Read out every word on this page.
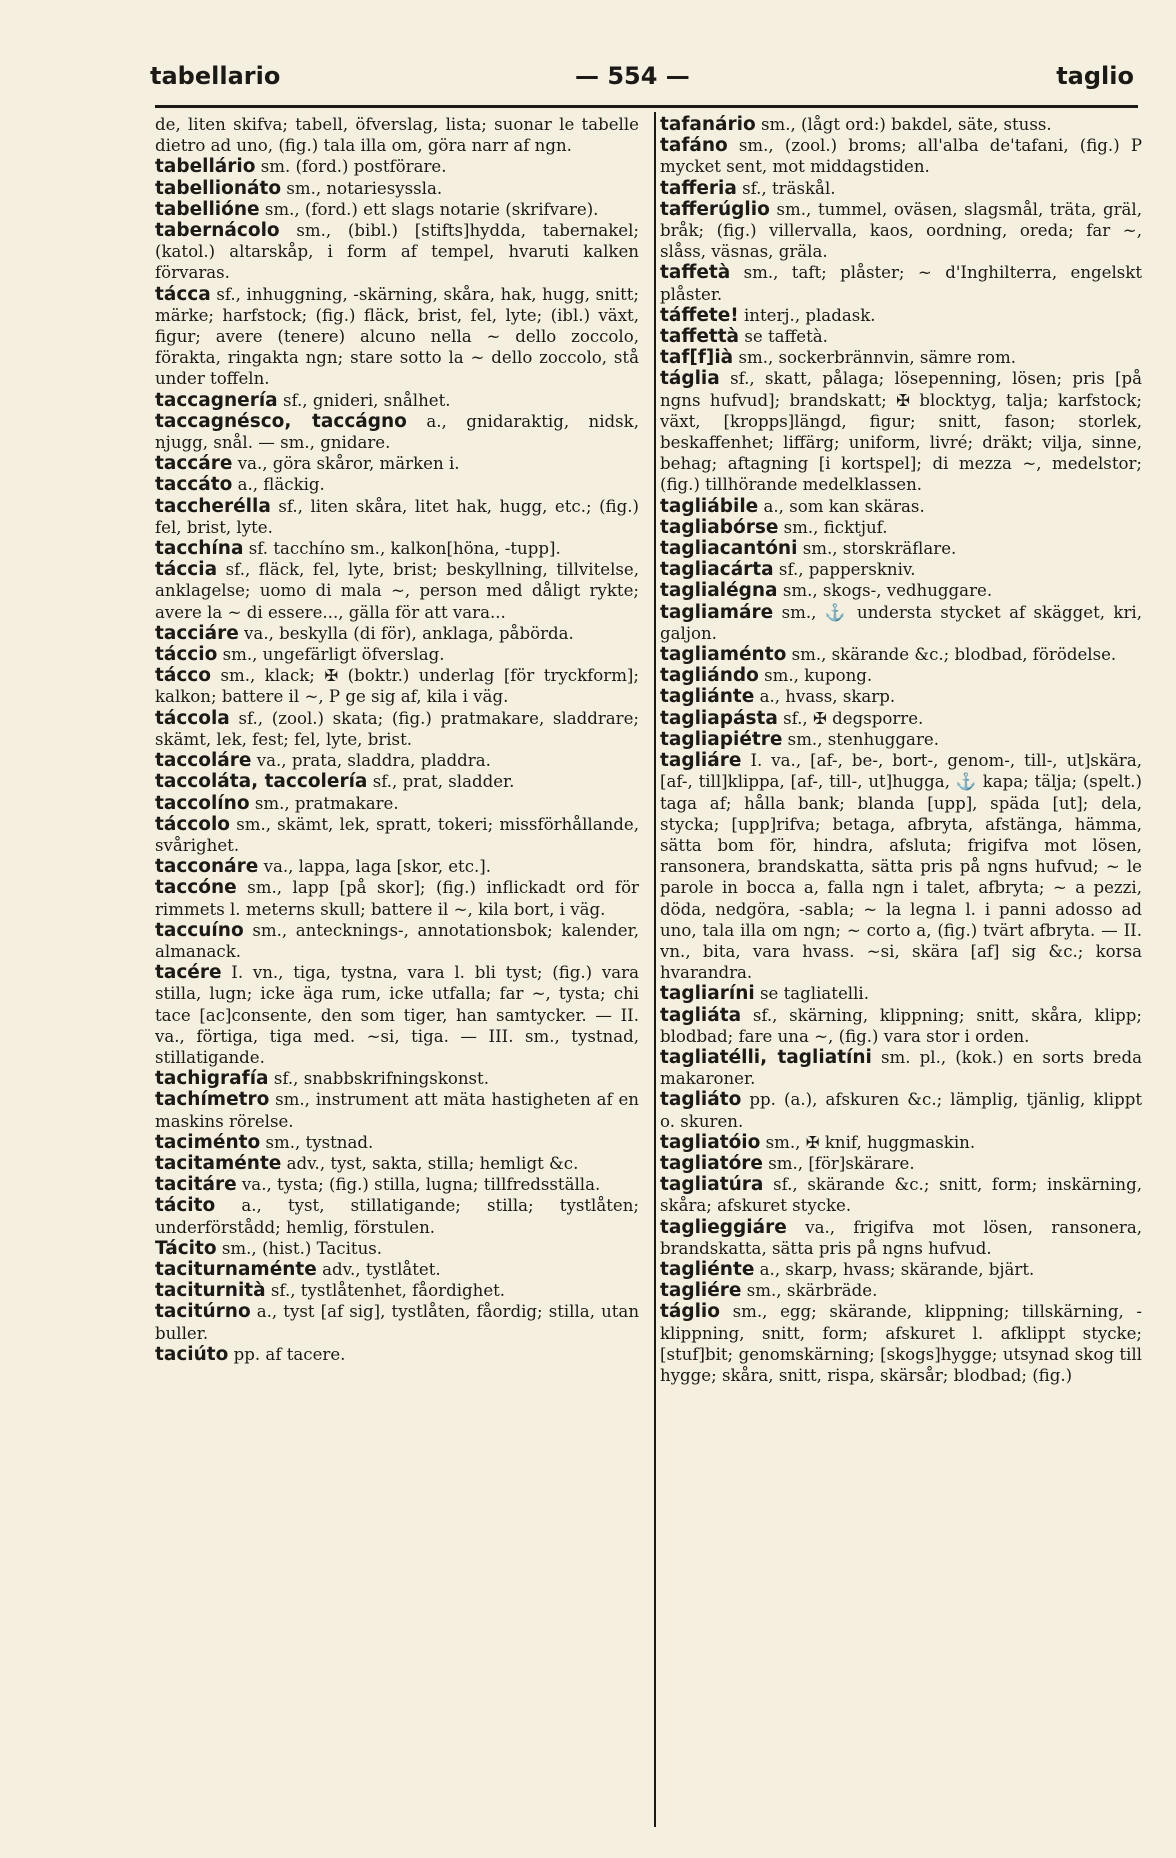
tabellario	— 554 —	taglio
de, liten skifva; tabell, öfverslag, lista; suonar le tabelle dietro ad uno, (fig.) tala illa om, göra narr af ngn.
tabellário sm. (ford.) postförare.
tabellionáto sm., notariesyssla.
tabellióne sm., (ford.) ett slags notarie (skrifvare).
tabernácolo sm., (bibl.) [stifts]hydda, tabernakel; (katol.) altarskåp, i form af tempel, hvaruti kalken förvaras.
tácca sf., inhuggning, -skärning, skåra, hak, hugg, snitt; märke; harfstock; (fig.) fläck, brist, fel, lyte; (ibl.) växt, figur; avere (tenere) alcuno nella ~ dello zoccolo, förakta, ringakta ngn; stare sotto la ~ dello zoccolo, stå under toffeln.
taccagnería sf., gnideri, snålhet.
taccagnésco, taccágno a., gnidaraktig, nidsk, njugg, snål. — sm., gnidare.
taccáre va., göra skåror, märken i.
taccáto a., fläckig.
taccherélla sf., liten skåra, litet hak, hugg, etc.; (fig.) fel, brist, lyte.
tacchína sf. tacchíno sm., kalkon[höna, -tupp].
táccia sf., fläck, fel, lyte, brist; beskyllning, tillvitelse, anklagelse; uomo di mala ~, person med dåligt rykte; avere la ~ di essere..., gälla för att vara...
tacciáre va., beskylla (di för), anklaga, påbörda.
táccio sm., ungefärligt öfverslag.
tácco sm., klack; ✠ (boktr.) underlag [för tryckform]; kalkon; battere il ~, P ge sig af, kila i väg.
táccola sf., (zool.) skata; (fig.) pratmakare, sladdrare; skämt, lek, fest; fel, lyte, brist.
taccoláre va., prata, sladdra, pladdra.
taccoláta, taccolería sf., prat, sladder.
taccolíno sm., pratmakare.
táccolo sm., skämt, lek, spratt, tokeri; missförhållande, svårighet.
tacconáre va., lappa, laga [skor, etc.].
taccóne sm., lapp [på skor]; (fig.) inflickadt ord för rimmets l. meterns skull; battere il ~, kila bort, i väg.
taccuíno sm., antecknings-, annotationsbok; kalender, almanack.
tacére I. vn., tiga, tystna, vara l. bli tyst; (fig.) vara stilla, lugn; icke äga rum, icke utfalla; far ~, tysta; chi tace [ac]consente, den som tiger, han samtycker. — II. va., förtiga, tiga med. ~si, tiga. — III. sm., tystnad, stillatigande.
tachigrafía sf., snabbskrifningskonst.
tachímetro sm., instrument att mäta hastigheten af en maskins rörelse.
taciménto sm., tystnad.
tacitaménte adv., tyst, sakta, stilla; hemligt &c.
tacitáre va., tysta; (fig.) stilla, lugna; tillfredsställa.
tácito a., tyst, stillatigande; stilla; tystlåten; underförstådd; hemlig, förstulen.
Tácito sm., (hist.) Tacitus.
taciturnaménte adv., tystlåtet.
taciturnità sf., tystlåtenhet, fåordighet.
tacitúrno a., tyst [af sig], tystlåten, fåordig; stilla, utan buller.
taciúto pp. af tacere.
tafanário sm., (lågt ord:) bakdel, säte, stuss.
tafáno sm., (zool.) broms; all'alba de'tafani, (fig.) P mycket sent, mot middagstiden.
tafferia sf., träskål.
tafferúglio sm., tummel, oväsen, slagsmål, träta, gräl, bråk; (fig.) villervalla, kaos, oordning, oreda; far ~, slåss, väsnas, gräla.
taffetà sm., taft; plåster; ~ d'Inghilterra, engelskt plåster.
táffete! interj., pladask.
taffettà se taffetà.
taf[f]ià sm., sockerbrännvin, sämre rom.
táglia sf., skatt, pålaga; lösepenning, lösen; pris [på ngns hufvud]; brandskatt; ✠ blocktyg, talja; karfstock; växt, [kropps]längd, figur; snitt, fason; storlek, beskaffenhet; liffärg; uniform, livré; dräkt; vilja, sinne, behag; aftagning [i kortspel]; di mezza ~, medelstor; (fig.) tillhörande medelklassen.
tagliábile a., som kan skäras.
tagliabórse sm., ficktjuf.
tagliacantóni sm., storskräflare.
tagliacárta sf., papperskniv.
taglialégna sm., skogs-, vedhuggare.
tagliamáre sm., ⚓ understa stycket af skägget, kri, galjon.
tagliaménto sm., skärande &c.; blodbad, förödelse.
tagliándo sm., kupong.
tagliánte a., hvass, skarp.
tagliapásta sf., ✠ degsporre.
tagliapiétre sm., stenhuggare.
tagliáre I. va., [af-, be-, bort-, genom-, till-, ut]skära, [af-, till]klippa, [af-, till-, ut]hugga, ⚓ kapa; tälja; (spelt.) taga af; hålla bank; blanda [upp], späda [ut]; dela, stycka; [upp]rifva; betaga, afbryta, afstänga, hämma, sätta bom för, hindra, afsluta; frigifva mot lösen, ransonera, brandskatta, sätta pris på ngns hufvud; ~ le parole in bocca a, falla ngn i talet, afbryta; ~ a pezzi, döda, nedgöra, -sabla; ~ la legna l. i panni adosso ad uno, tala illa om ngn; ~ corto a, (fig.) tvärt afbryta. — II. vn., bita, vara hvass. ~si, skära [af] sig &c.; korsa hvarandra.
tagliaríni se tagliatelli.
tagliáta sf., skärning, klippning; snitt, skåra, klipp; blodbad; fare una ~, (fig.) vara stor i orden.
tagliatélli, tagliatíni sm. pl., (kok.) en sorts breda makaroner.
tagliáto pp. (a.), afskuren &c.; lämplig, tjänlig, klippt o. skuren.
tagliatóio sm., ✠ knif, huggmaskin.
tagliatóre sm., [för]skärare.
tagliatúra sf., skärande &c.; snitt, form; inskärning, skåra; afskuret stycke.
taglieggiáre va., frigifva mot lösen, ransonera, brandskatta, sätta pris på ngns hufvud.
tagliénte a., skarp, hvass; skärande, bjärt.
tagliére sm., skärbräde.
táglio sm., egg; skärande, klippning; tillskärning, -klippning, snitt, form; afskuret l. afklippt stycke; [stuf]bit; genomskärning; [skogs]hygge; utsynad skog till hygge; skåra, snitt, rispa, skärsår; blodbad; (fig.)
